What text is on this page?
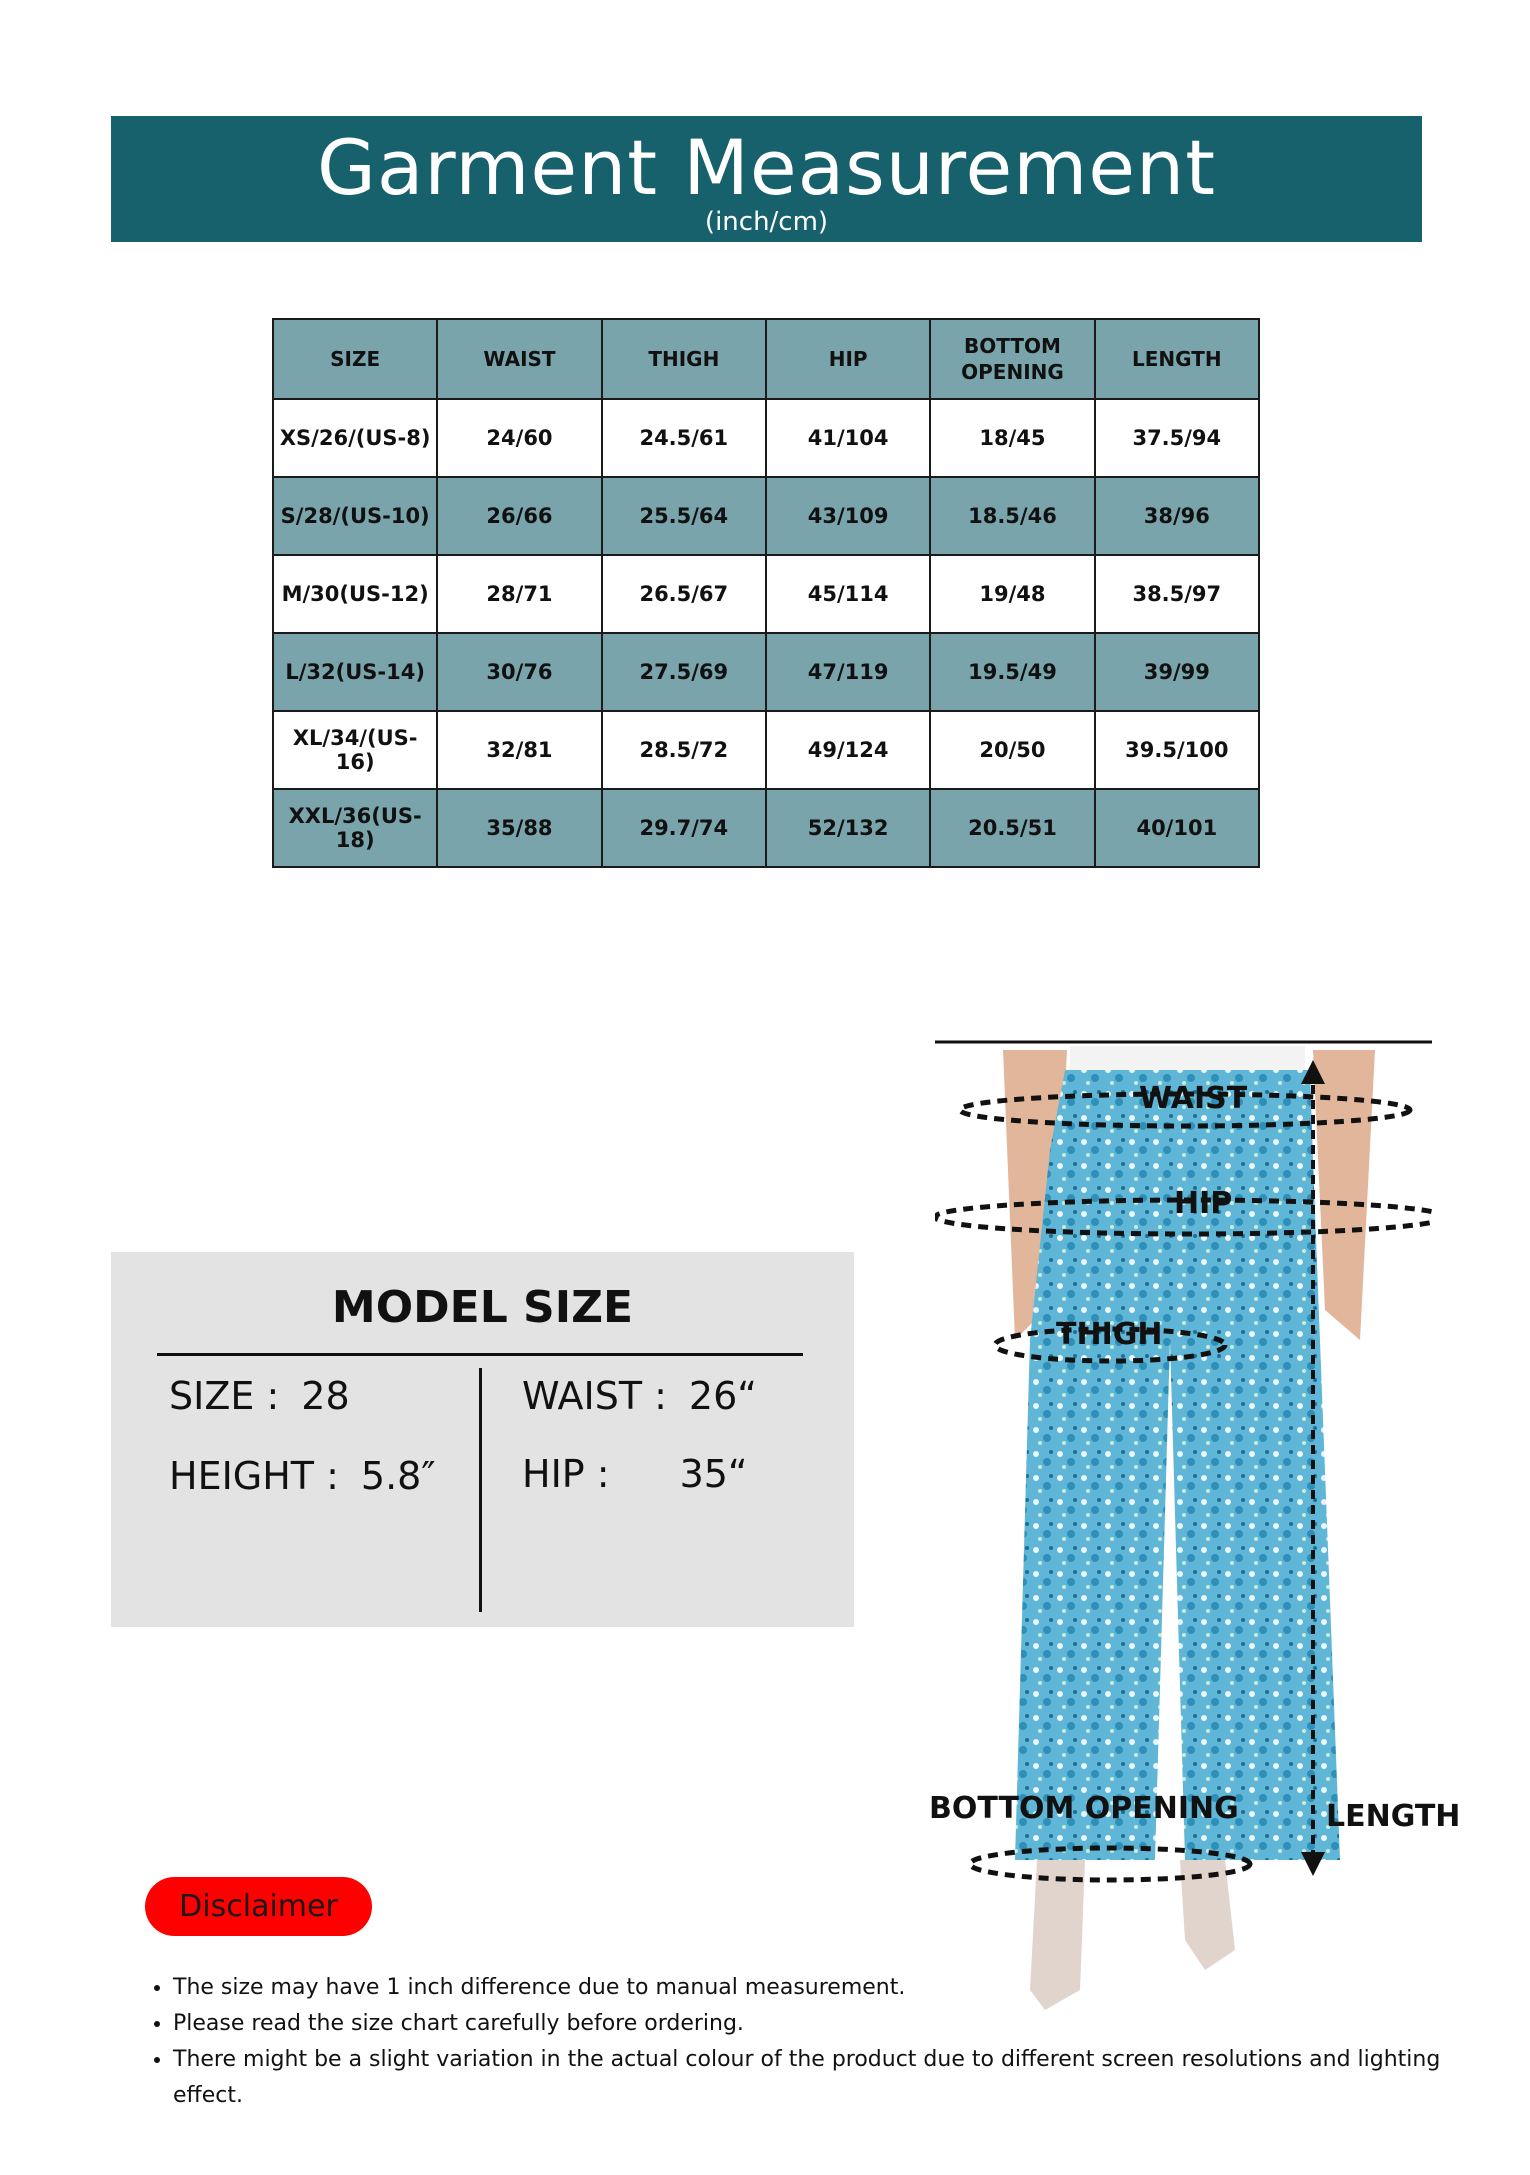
Garment Measurement
(inch/cm)
SIZE	WAIST	THIGH	HIP	BOTTOM OPENING	LENGTH
XS/26/(US-8)	24/60	24.5/61	41/104	18/45	37.5/94
S/28/(US-10)	26/66	25.5/64	43/109	18.5/46	38/96
M/30(US-12)	28/71	26.5/67	45/114	19/48	38.5/97
L/32(US-14)	30/76	27.5/69	47/119	19.5/49	39/99
XL/34/(US-16)	32/81	28.5/72	49/124	20/50	39.5/100
XXL/36(US-18)	35/88	29.7/74	52/132	20.5/51	40/101
MODEL SIZE
SIZE : 28
HEIGHT : 5.8″
WAIST : 26“
HIP : 35“
WAIST
HIP
THIGH
BOTTOM OPENING	LENGTH
Disclaimer
• The size may have 1 inch difference due to manual measurement.
• Please read the size chart carefully before ordering.
• There might be a slight variation in the actual colour of the product due to different screen resolutions and lighting effect.
